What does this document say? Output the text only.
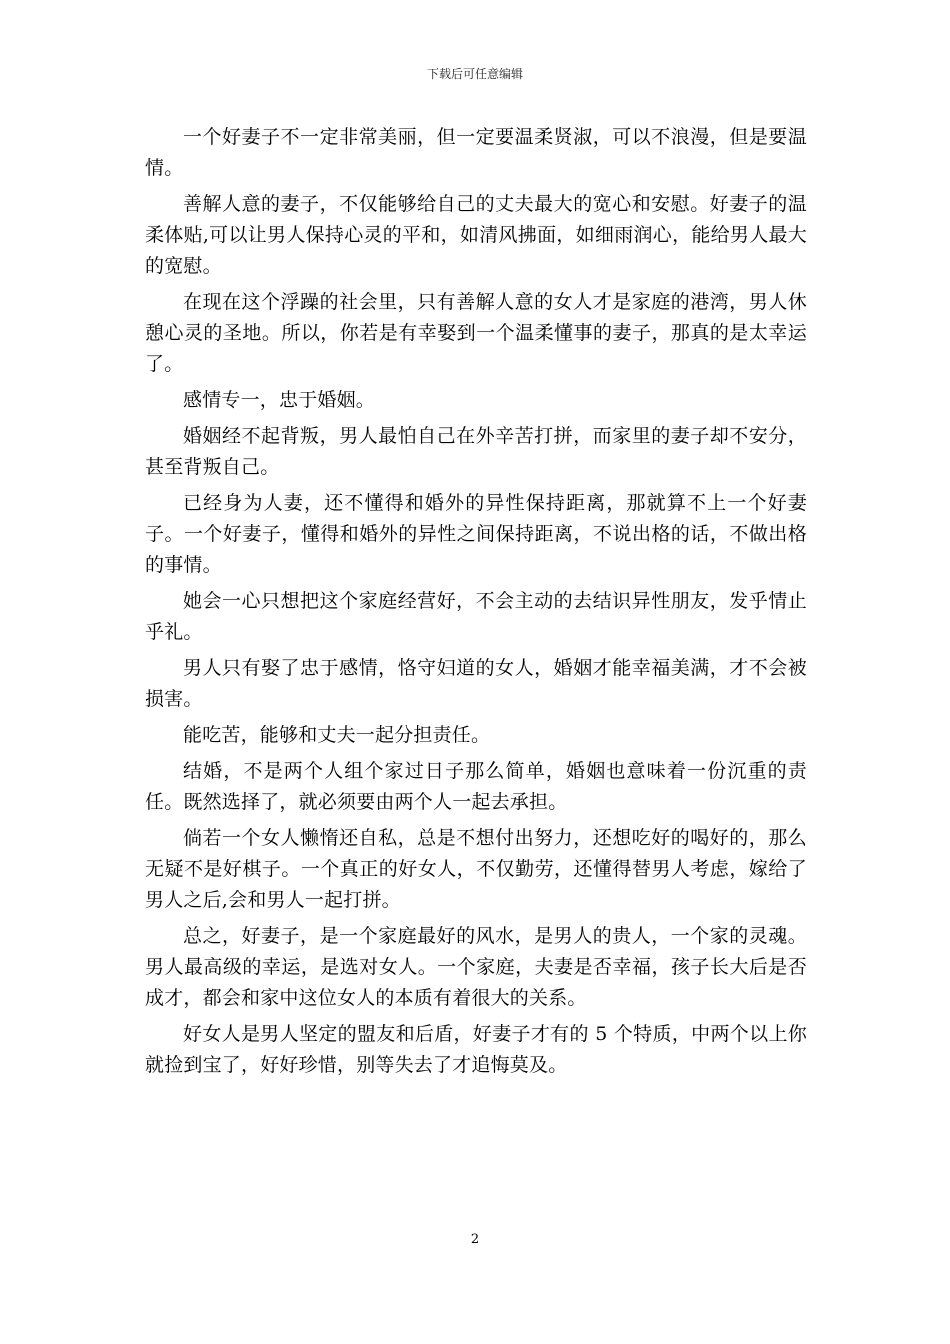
下载后可任意编辑

一个好妻子不一定非常美丽，但一定要温柔贤淑，可以不浪漫，但是要温情。

善解人意的妻子，不仅能够给自己的丈夫最大的宽心和安慰。好妻子的温柔体贴,可以让男人保持心灵的平和，如清风拂面，如细雨润心，能给男人最大的宽慰。

在现在这个浮躁的社会里，只有善解人意的女人才是家庭的港湾，男人休憩心灵的圣地。所以，你若是有幸娶到一个温柔懂事的妻子，那真的是太幸运了。

感情专一，忠于婚姻。

婚姻经不起背叛，男人最怕自己在外辛苦打拼，而家里的妻子却不安分，甚至背叛自己。

已经身为人妻，还不懂得和婚外的异性保持距离，那就算不上一个好妻子。一个好妻子，懂得和婚外的异性之间保持距离，不说出格的话，不做出格的事情。

她会一心只想把这个家庭经营好，不会主动的去结识异性朋友，发乎情止乎礼。

男人只有娶了忠于感情，恪守妇道的女人，婚姻才能幸福美满，才不会被损害。

能吃苦，能够和丈夫一起分担责任。

结婚，不是两个人组个家过日子那么简单，婚姻也意味着一份沉重的责任。既然选择了，就必须要由两个人一起去承担。

倘若一个女人懒惰还自私，总是不想付出努力，还想吃好的喝好的，那么无疑不是好棋子。一个真正的好女人，不仅勤劳，还懂得替男人考虑，嫁给了男人之后,会和男人一起打拼。

总之，好妻子，是一个家庭最好的风水，是男人的贵人，一个家的灵魂。男人最高级的幸运，是选对女人。一个家庭，夫妻是否幸福，孩子长大后是否成才，都会和家中这位女人的本质有着很大的关系。

好女人是男人坚定的盟友和后盾，好妻子才有的 5 个特质，中两个以上你就捡到宝了，好好珍惜，别等失去了才追悔莫及。

2
